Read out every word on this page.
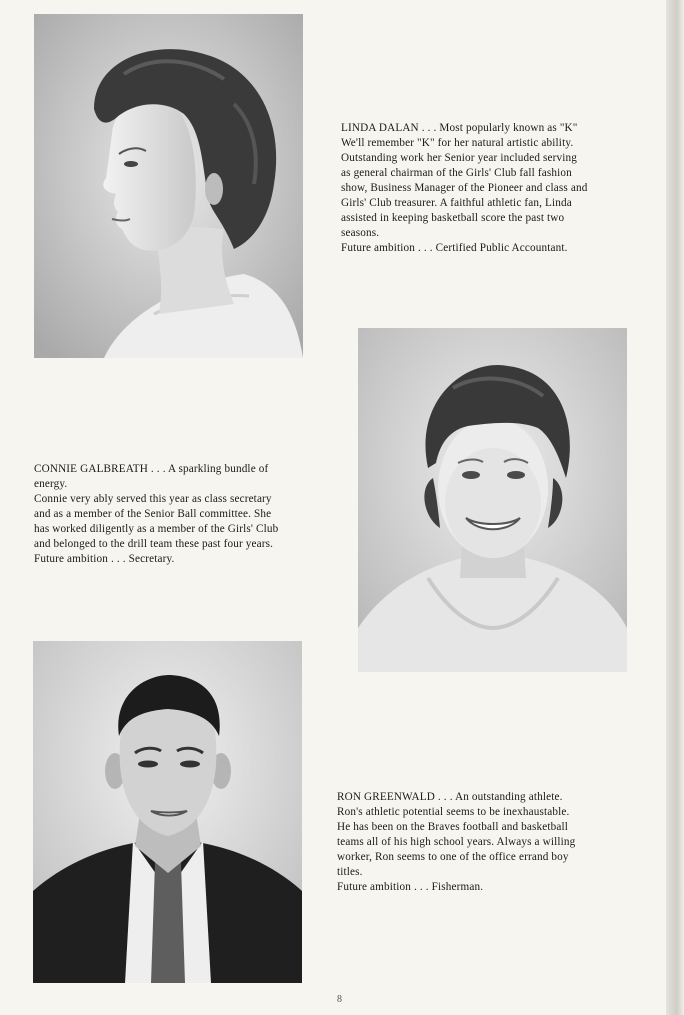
LINDA DALAN . . . Most popularly known as "K"

We'll remember "K" for her natural artistic ability.

Outstanding work her Senior year included serving

as general chairman of the Girls' Club fall fashion

show, Business Manager of the Pioneer and class and

Girls' Club treasurer. A faithful athletic fan, Linda

assisted in keeping basketball score the past two

seasons.

Future ambition . . . Certified Public Accountant.

CONNIE GALBREATH . . . A sparkling bundle of

energy.

Connie very ably served this year as class secretary

and as a member of the Senior Ball committee. She

has worked diligently as a member of the Girls' Club

and belonged to the drill team these past four years.

Future ambition . . . Secretary.

RON GREENWALD . . . An outstanding athlete.

Ron's athletic potential seems to be inexhaustable.

He has been on the Braves football and basketball

teams all of his high school years. Always a willing

worker, Ron seems to one of the office errand boy

titles.

Future ambition . . . Fisherman.

8
